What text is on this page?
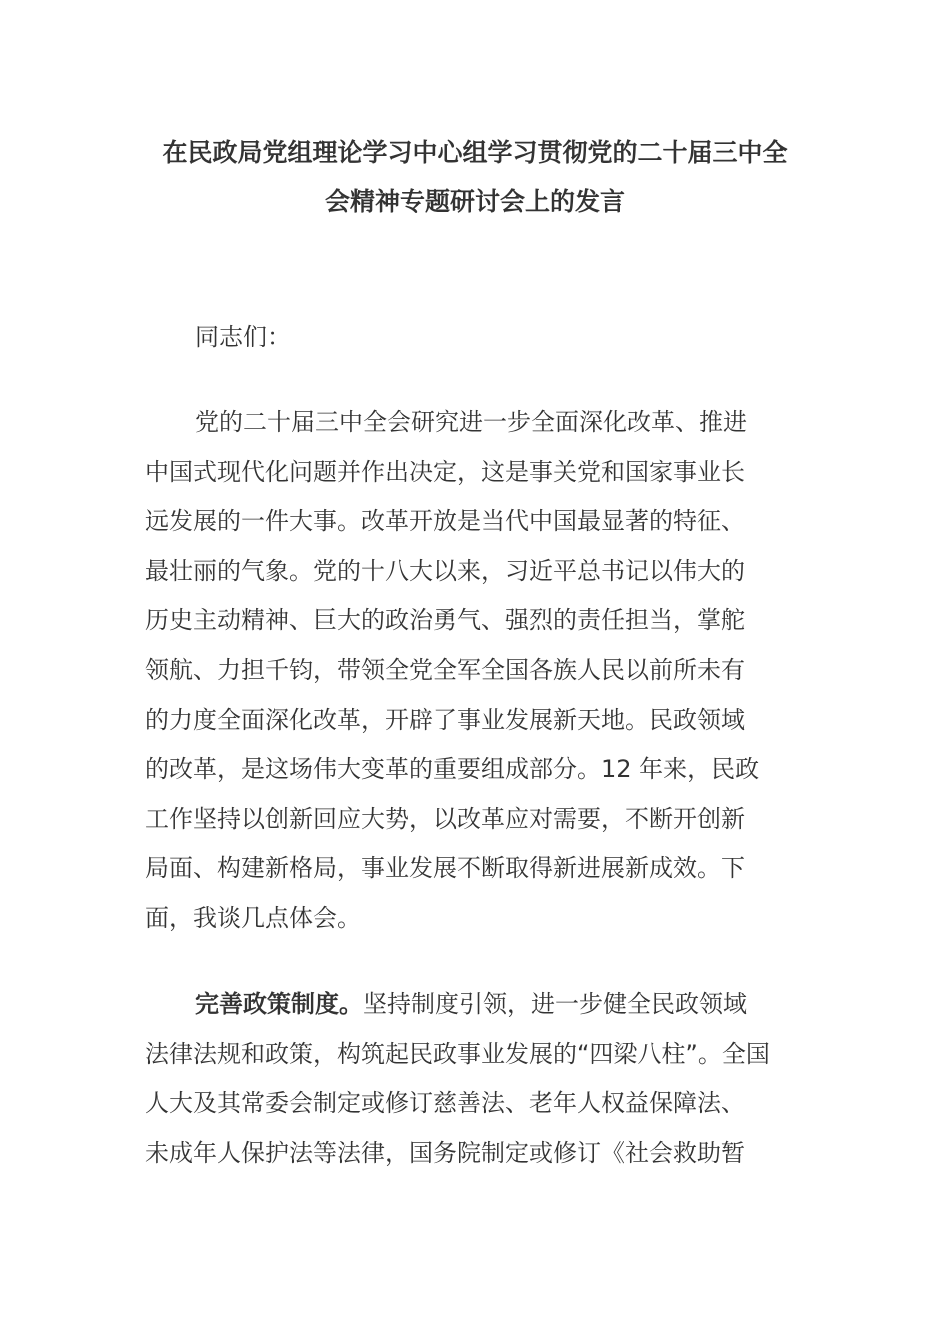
在民政局党组理论学习中心组学习贯彻党的二十届三中全
会精神专题研讨会上的发言

同志们：

党的二十届三中全会研究进一步全面深化改革、推进
中国式现代化问题并作出决定，这是事关党和国家事业长
远发展的一件大事。改革开放是当代中国最显著的特征、
最壮丽的气象。党的十八大以来，习近平总书记以伟大的
历史主动精神、巨大的政治勇气、强烈的责任担当，掌舵
领航、力担千钧，带领全党全军全国各族人民以前所未有
的力度全面深化改革，开辟了事业发展新天地。民政领域
的改革，是这场伟大变革的重要组成部分。12 年来，民政
工作坚持以创新回应大势，以改革应对需要，不断开创新
局面、构建新格局，事业发展不断取得新进展新成效。下
面，我谈几点体会。

完善政策制度。坚持制度引领，进一步健全民政领域
法律法规和政策，构筑起民政事业发展的“四梁八柱”。全国
人大及其常委会制定或修订慈善法、老年人权益保障法、
未成年人保护法等法律，国务院制定或修订《社会救助暂
